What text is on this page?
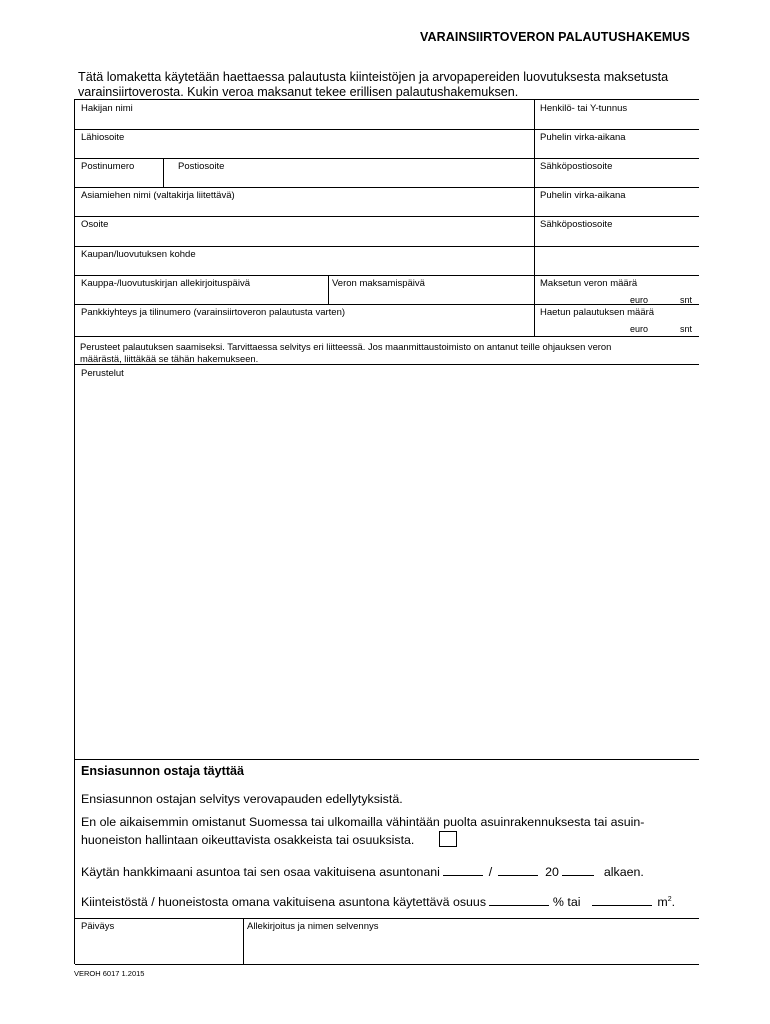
VARAINSIIRTOVERON PALAUTUSHAKEMUS
Tätä lomaketta käytetään haettaessa palautusta kiinteistöjen ja arvopapereiden luovutuksesta maksetusta
varainsiirtoverosta. Kukin veroa maksanut tekee erillisen palautushakemuksen.
Hakijan nimi	Henkilö- tai Y-tunnus
Lähiosoite	Puhelin virka-aikana
Postinumero	Postiosoite	Sähköpostiosoite
Asiamiehen nimi (valtakirja liitettävä)	Puhelin virka-aikana
Osoite	Sähköpostiosoite
Kaupan/luovutuksen kohde
Kauppa-/luovutuskirjan allekirjoituspäivä	Veron maksamispäivä	Maksetun veron määrä
euro	snt
Pankkiyhteys ja tilinumero (varainsiirtoveron palautusta varten)	Haetun palautuksen määrä
euro	snt
Perustelut
Ensiasunnon ostaja täyttää
Ensiasunnon ostajan selvitys verovapauden edellytyksistä.
En ole aikaisemmin omistanut Suomessa tai ulkomailla vähintään puolta asuinrakennuksesta tai asuin-
huoneiston hallintaan oikeuttavista osakkeista tai osuuksista.
Käytän hankkimaani asuntoa tai sen osaa vakituisena asuntonani	/	20	alkaen.
Kiinteistöstä / huoneistosta omana vakituisena asuntona käytettävä osuus	% tai	$m^2$.
Päiväys	Allekirjoitus ja nimen selvennys
Perusteet palautuksen saamiseksi. Tarvittaessa selvitys eri liitteessä. Jos maanmittaustoimisto on antanut teille ohjauksen veron
määrästä, liittäkää se tähän hakemukseen.
VEROH 6017 1.2015
